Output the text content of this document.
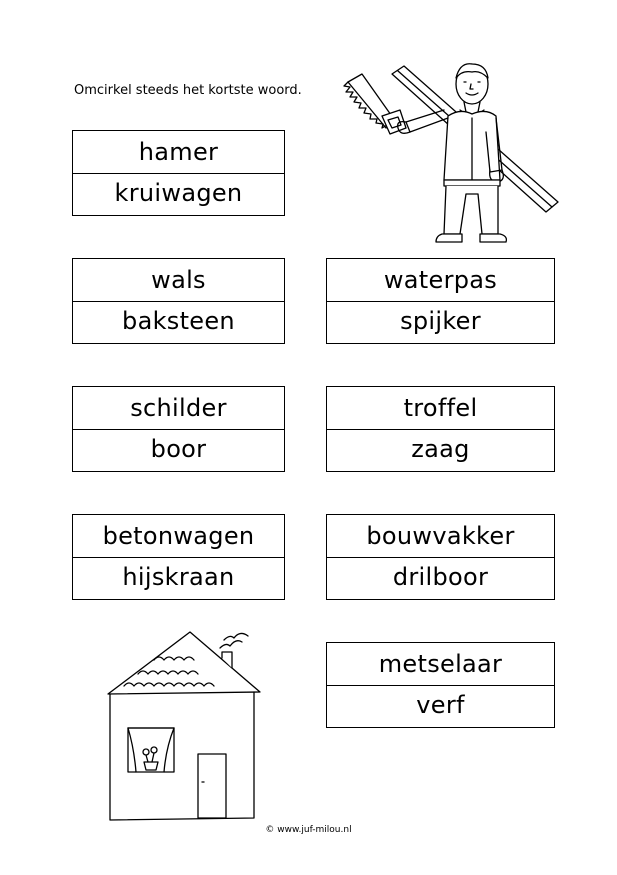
Omcirkel steeds het kortste woord.
hamer
kruiwagen
wals
baksteen
waterpas
spijker
schilder
boor
troffel
zaag
betonwagen
hijskraan
bouwvakker
drilboor
metselaar
verf
© www.juf-milou.nl
